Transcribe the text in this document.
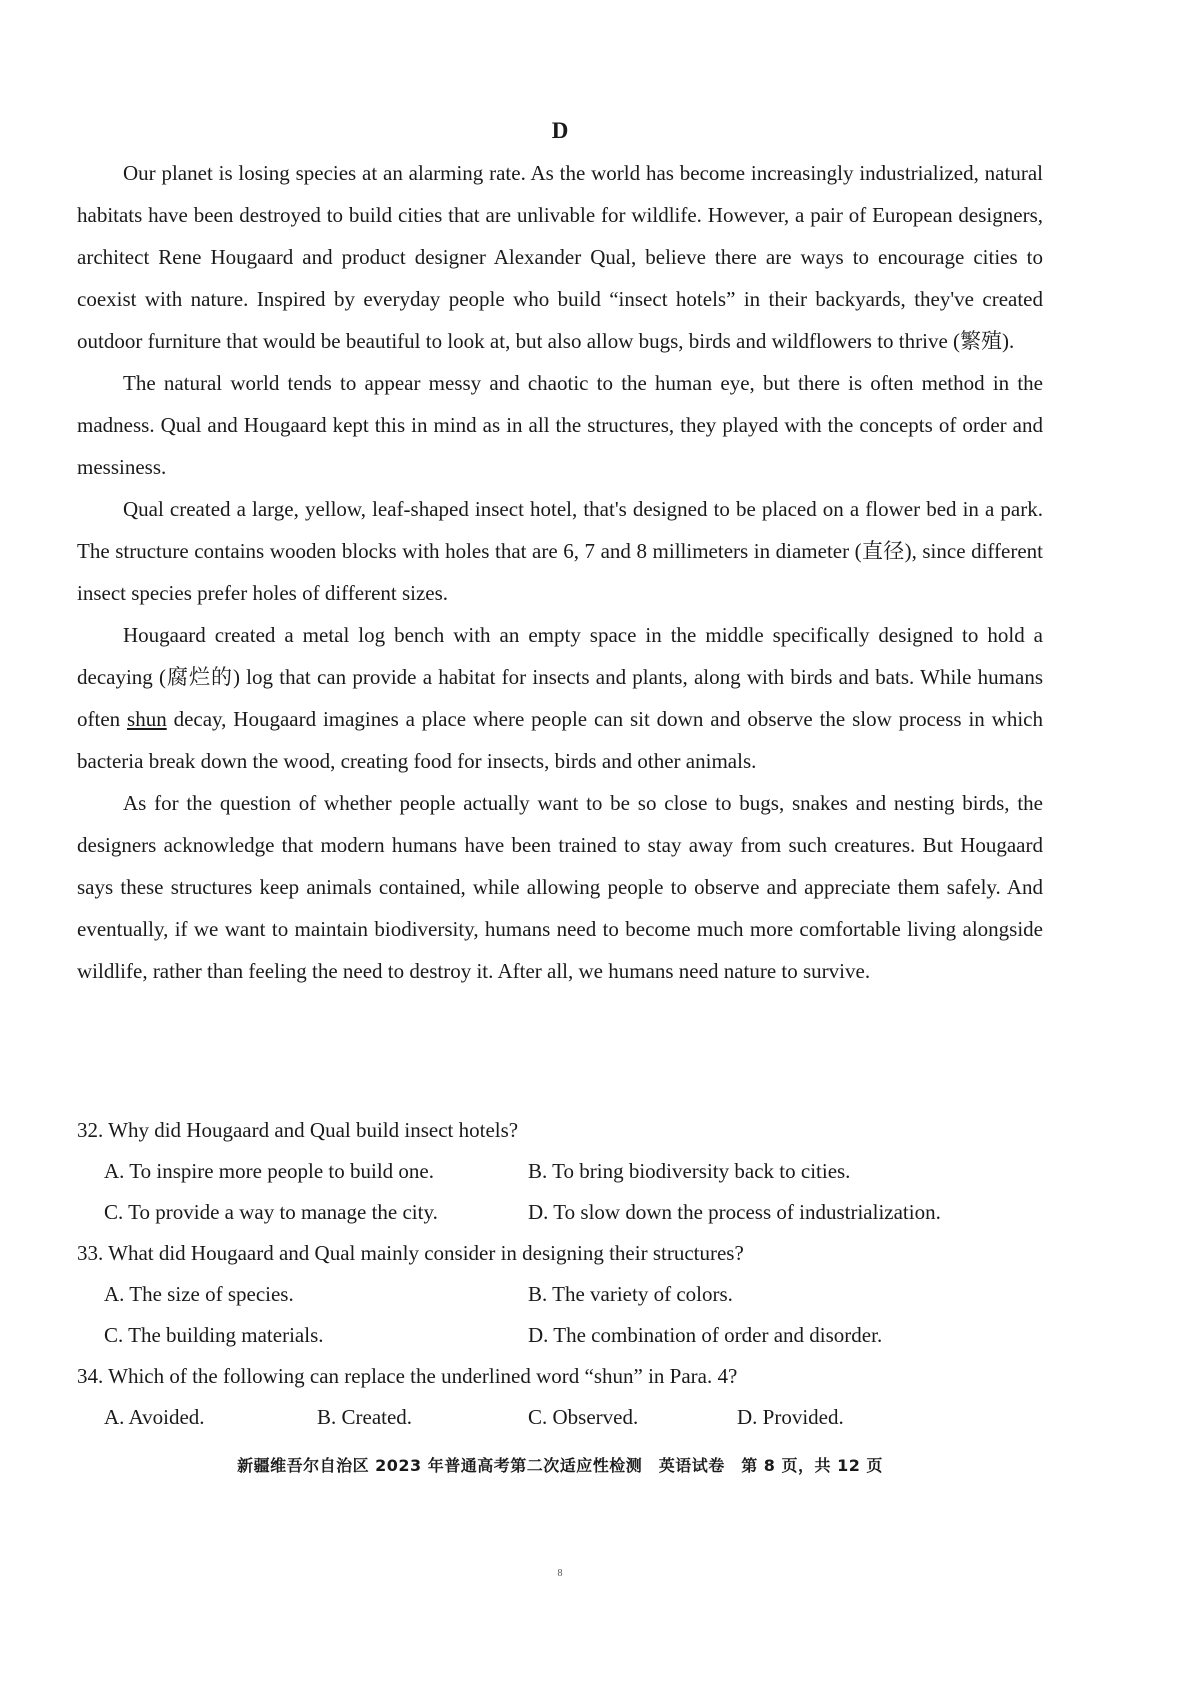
D

Our planet is losing species at an alarming rate. As the world has become increasingly industrialized, natural habitats have been destroyed to build cities that are unlivable for wildlife. However, a pair of European designers, architect Rene Hougaard and product designer Alexander Qual, believe there are ways to encourage cities to coexist with nature. Inspired by everyday people who build “insect hotels” in their backyards, they've created outdoor furniture that would be beautiful to look at, but also allow bugs, birds and wildflowers to thrive (繁殖).

The natural world tends to appear messy and chaotic to the human eye, but there is often method in the madness. Qual and Hougaard kept this in mind as in all the structures, they played with the concepts of order and messiness.

Qual created a large, yellow, leaf-shaped insect hotel, that's designed to be placed on a flower bed in a park. The structure contains wooden blocks with holes that are 6, 7 and 8 millimeters in diameter (直径), since different insect species prefer holes of different sizes.

Hougaard created a metal log bench with an empty space in the middle specifically designed to hold a decaying (腐烂的) log that can provide a habitat for insects and plants, along with birds and bats. While humans often shun decay, Hougaard imagines a place where people can sit down and observe the slow process in which bacteria break down the wood, creating food for insects, birds and other animals.

As for the question of whether people actually want to be so close to bugs, snakes and nesting birds, the designers acknowledge that modern humans have been trained to stay away from such creatures. But Hougaard says these structures keep animals contained, while allowing people to observe and appreciate them safely. And eventually, if we want to maintain biodiversity, humans need to become much more comfortable living alongside wildlife, rather than feeling the need to destroy it. After all, we humans need nature to survive.

32. Why did Hougaard and Qual build insect hotels?
A. To inspire more people to build one.	B. To bring biodiversity back to cities.
C. To provide a way to manage the city.	D. To slow down the process of industrialization.
33. What did Hougaard and Qual mainly consider in designing their structures?
A. The size of species.	B. The variety of colors.
C. The building materials.	D. The combination of order and disorder.
34. Which of the following can replace the underlined word “shun” in Para. 4?
A. Avoided.	B. Created.	C. Observed.	D. Provided.
新疆维吾尔自治区 2023 年普通高考第二次适应性检测　英语试卷　第 8 页，共 12 页
8
